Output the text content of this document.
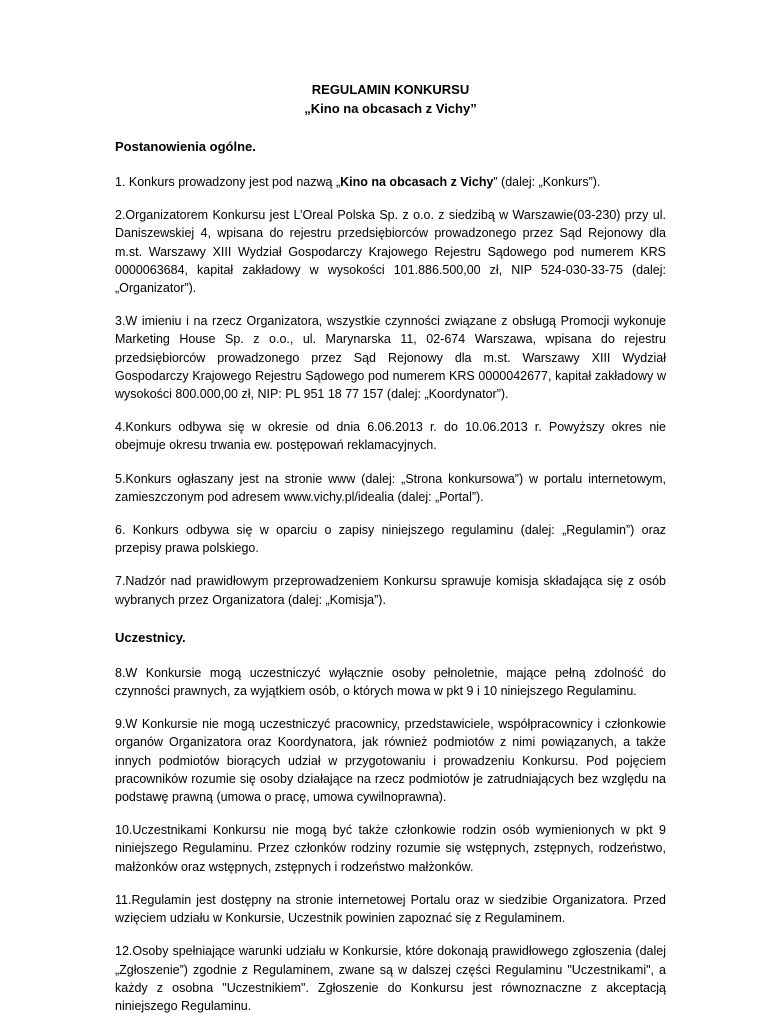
REGULAMIN KONKURSU
„Kino na obcasach z Vichy”
Postanowienia ogólne.

1. Konkurs prowadzony jest pod nazwą „Kino na obcasach z Vichy” (dalej: „Konkurs”).

2.Organizatorem Konkursu jest L’Oreal Polska Sp. z o.o. z siedzibą w Warszawie(03-230) przy ul. Daniszewskiej 4, wpisana do rejestru przedsiębiorców prowadzonego przez Sąd Rejonowy dla m.st. Warszawy XIII Wydział Gospodarczy Krajowego Rejestru Sądowego pod numerem KRS 0000063684, kapitał zakładowy w wysokości 101.886.500,00 zł, NIP 524-030-33-75 (dalej: „Organizator”).

3.W imieniu i na rzecz Organizatora, wszystkie czynności związane z obsługą Promocji wykonuje Marketing House Sp. z o.o., ul. Marynarska 11, 02-674 Warszawa, wpisana do rejestru przedsiębiorców prowadzonego przez Sąd Rejonowy dla m.st. Warszawy XIII Wydział Gospodarczy Krajowego Rejestru Sądowego pod numerem KRS 0000042677, kapitał zakładowy w wysokości 800.000,00 zł, NIP: PL 951 18 77 157 (dalej: „Koordynator”).

4.Konkurs odbywa się w okresie od dnia 6.06.2013 r. do 10.06.2013 r. Powyższy okres nie obejmuje okresu trwania ew. postępowań reklamacyjnych.

5.Konkurs ogłaszany jest na stronie www (dalej: „Strona konkursowa”) w portalu internetowym, zamieszczonym pod adresem www.vichy.pl/idealia (dalej: „Portal”).

6. Konkurs odbywa się w oparciu o zapisy niniejszego regulaminu (dalej: „Regulamin”) oraz przepisy prawa polskiego.

7.Nadzór nad prawidłowym przeprowadzeniem Konkursu sprawuje komisja składająca się z osób wybranych przez Organizatora (dalej: „Komisja”).

Uczestnicy.

8.W Konkursie mogą uczestniczyć wyłącznie osoby pełnoletnie, mające pełną zdolność do czynności prawnych, za wyjątkiem osób, o których mowa w pkt 9 i 10 niniejszego Regulaminu.

9.W Konkursie nie mogą uczestniczyć pracownicy, przedstawiciele, współpracownicy i członkowie organów Organizatora oraz Koordynatora, jak również podmiotów z nimi powiązanych, a także innych podmiotów biorących udział w przygotowaniu i prowadzeniu Konkursu. Pod pojęciem pracowników rozumie się osoby działające na rzecz podmiotów je zatrudniających bez względu na podstawę prawną (umowa o pracę, umowa cywilnoprawna).

10.Uczestnikami Konkursu nie mogą być także członkowie rodzin osób wymienionych w pkt 9 niniejszego Regulaminu. Przez członków rodziny rozumie się wstępnych, zstępnych, rodzeństwo, małżonków oraz wstępnych, zstępnych i rodzeństwo małżonków.

11.Regulamin jest dostępny na stronie internetowej Portalu oraz w siedzibie Organizatora. Przed wzięciem udziału w Konkursie, Uczestnik powinien zapoznać się z Regulaminem.

12.Osoby spełniające warunki udziału w Konkursie, które dokonają prawidłowego zgłoszenia (dalej „Zgłoszenie”) zgodnie z Regulaminem, zwane są w dalszej części Regulaminu "Uczestnikami", a każdy z osobna "Uczestnikiem". Zgłoszenie do Konkursu jest równoznaczne z akceptacją niniejszego Regulaminu.
